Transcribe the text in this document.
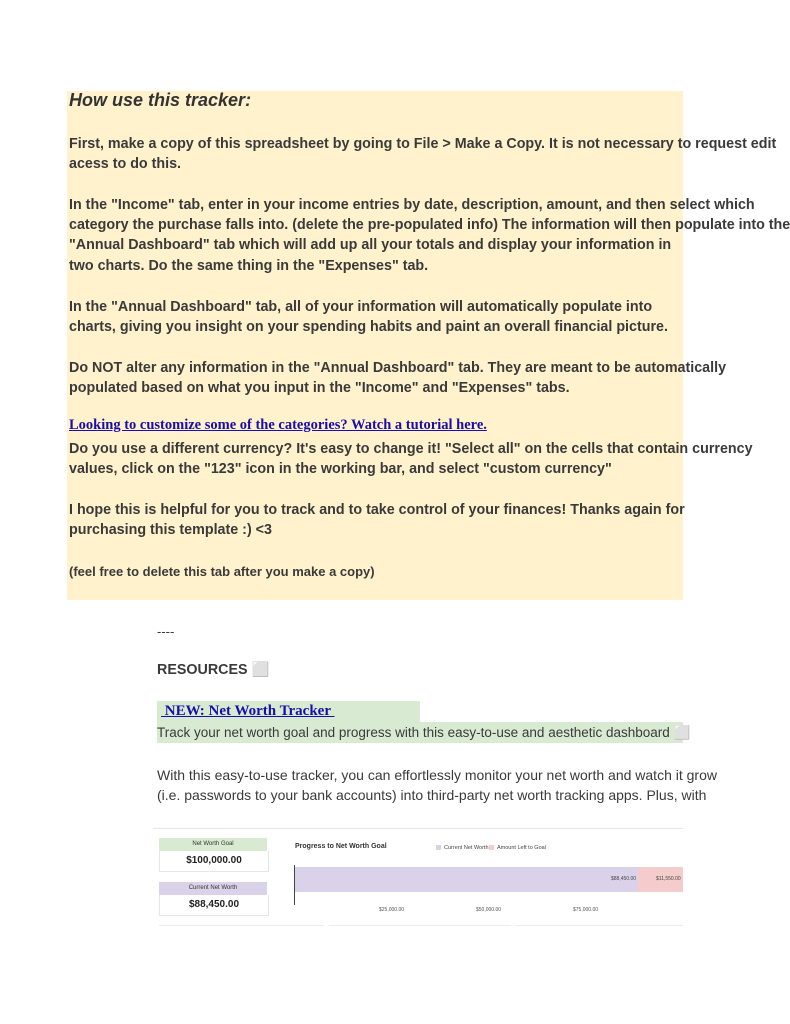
How use this tracker:

First, make a copy of this spreadsheet by going to File > Make a Copy. It is not necessary to request edit

acess to do this.

In the "Income" tab, enter in your income entries by date, description, amount, and then select which

category the purchase falls into. (delete the pre-populated info) The information will then populate into the

"Annual Dashboard" tab which will add up all your totals and display your information in

two charts. Do the same thing in the "Expenses" tab.

In the "Annual Dashboard" tab, all of your information will automatically populate into

charts, giving you insight on your spending habits and paint an overall financial picture.

Do NOT alter any information in the "Annual Dashboard" tab. They are meant to be automatically

populated based on what you input in the "Income" and "Expenses" tabs.

Looking to customize some of the categories? Watch a tutorial here.

Do you use a different currency? It's easy to change it! "Select all" on the cells that contain currency

values, click on the "123" icon in the working bar, and select "custom currency"

I hope this is helpful for you to track and to take control of your finances! Thanks again for

purchasing this template :) <3

(feel free to delete this tab after you make a copy)

----
RESOURCES ⬜
NEW: Net Worth Tracker
Track your net worth goal and progress with this easy-to-use and aesthetic dashboard ⬜
With this easy-to-use tracker, you can effortlessly monitor your net worth and watch it grow
(i.e. passwords to your bank accounts) into third-party net worth tracking apps. Plus, with
Net Worth Goal
$100,000.00
Current Net Worth
$88,450.00
Progress to Net Worth Goal	Current Net Worth	Amount Left to Goal
$88,450.00	$11,550.00
$25,000.00	$50,000.00	$75,000.00
